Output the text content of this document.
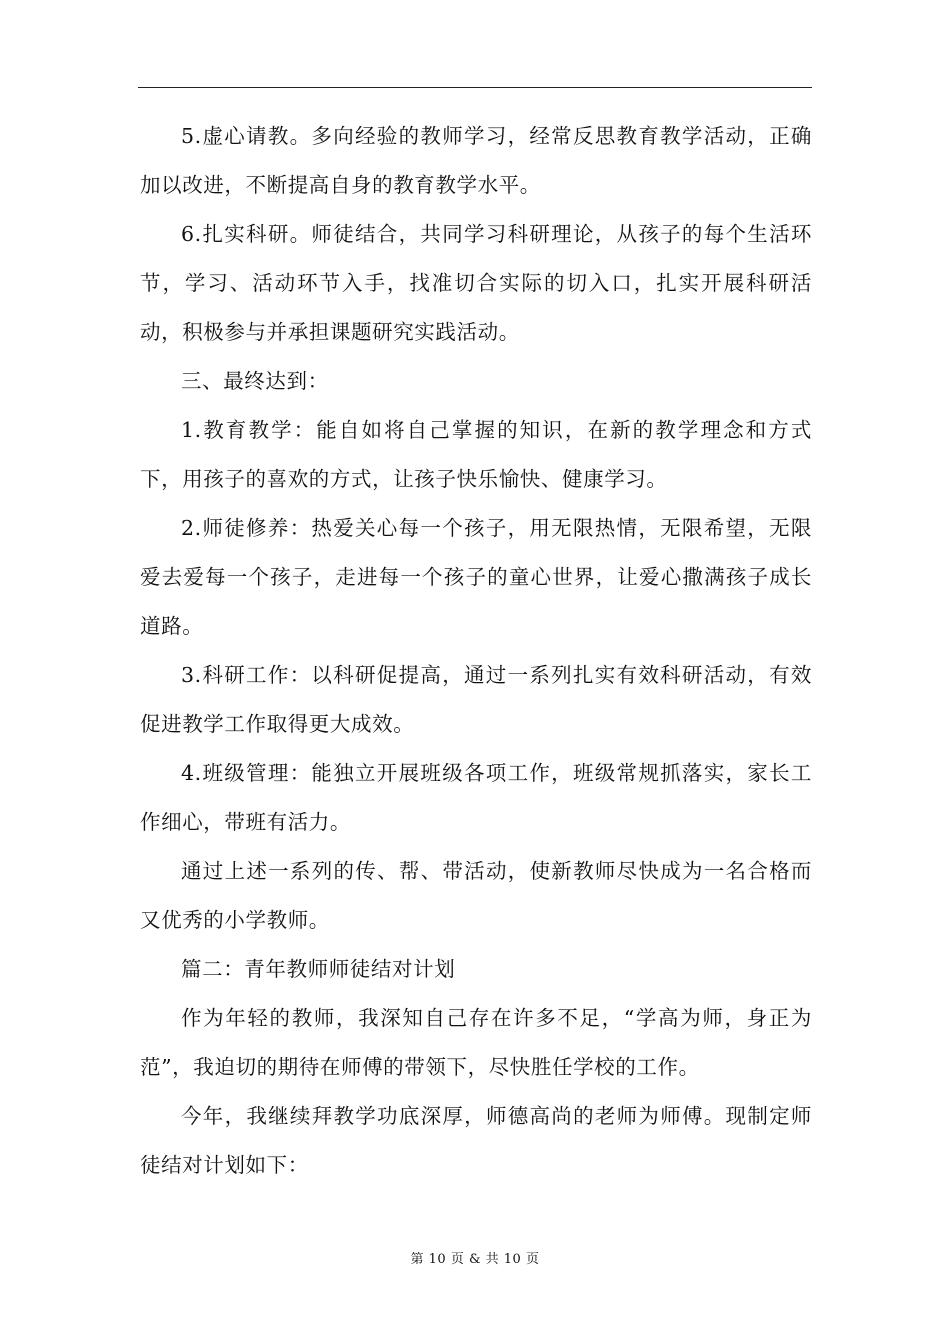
5.虚心请教。多向经验的教师学习，经常反思教育教学活动，正确加以改进，不断提高自身的教育教学水平。

6.扎实科研。师徒结合，共同学习科研理论，从孩子的每个生活环节，学习、活动环节入手，找准切合实际的切入口，扎实开展科研活动，积极参与并承担课题研究实践活动。

三、最终达到：

1.教育教学：能自如将自己掌握的知识，在新的教学理念和方式下，用孩子的喜欢的方式，让孩子快乐愉快、健康学习。

2.师徒修养：热爱关心每一个孩子，用无限热情，无限希望，无限爱去爱每一个孩子，走进每一个孩子的童心世界，让爱心撒满孩子成长道路。

3.科研工作：以科研促提高，通过一系列扎实有效科研活动，有效促进教学工作取得更大成效。

4.班级管理：能独立开展班级各项工作，班级常规抓落实，家长工作细心，带班有活力。

通过上述一系列的传、帮、带活动，使新教师尽快成为一名合格而又优秀的小学教师。

篇二：青年教师师徒结对计划

作为年轻的教师，我深知自己存在许多不足，“学高为师，身正为范”，我迫切的期待在师傅的带领下，尽快胜任学校的工作。

今年，我继续拜教学功底深厚，师德高尚的老师为师傅。现制定师徒结对计划如下：

第 10 页 & 共 10 页
